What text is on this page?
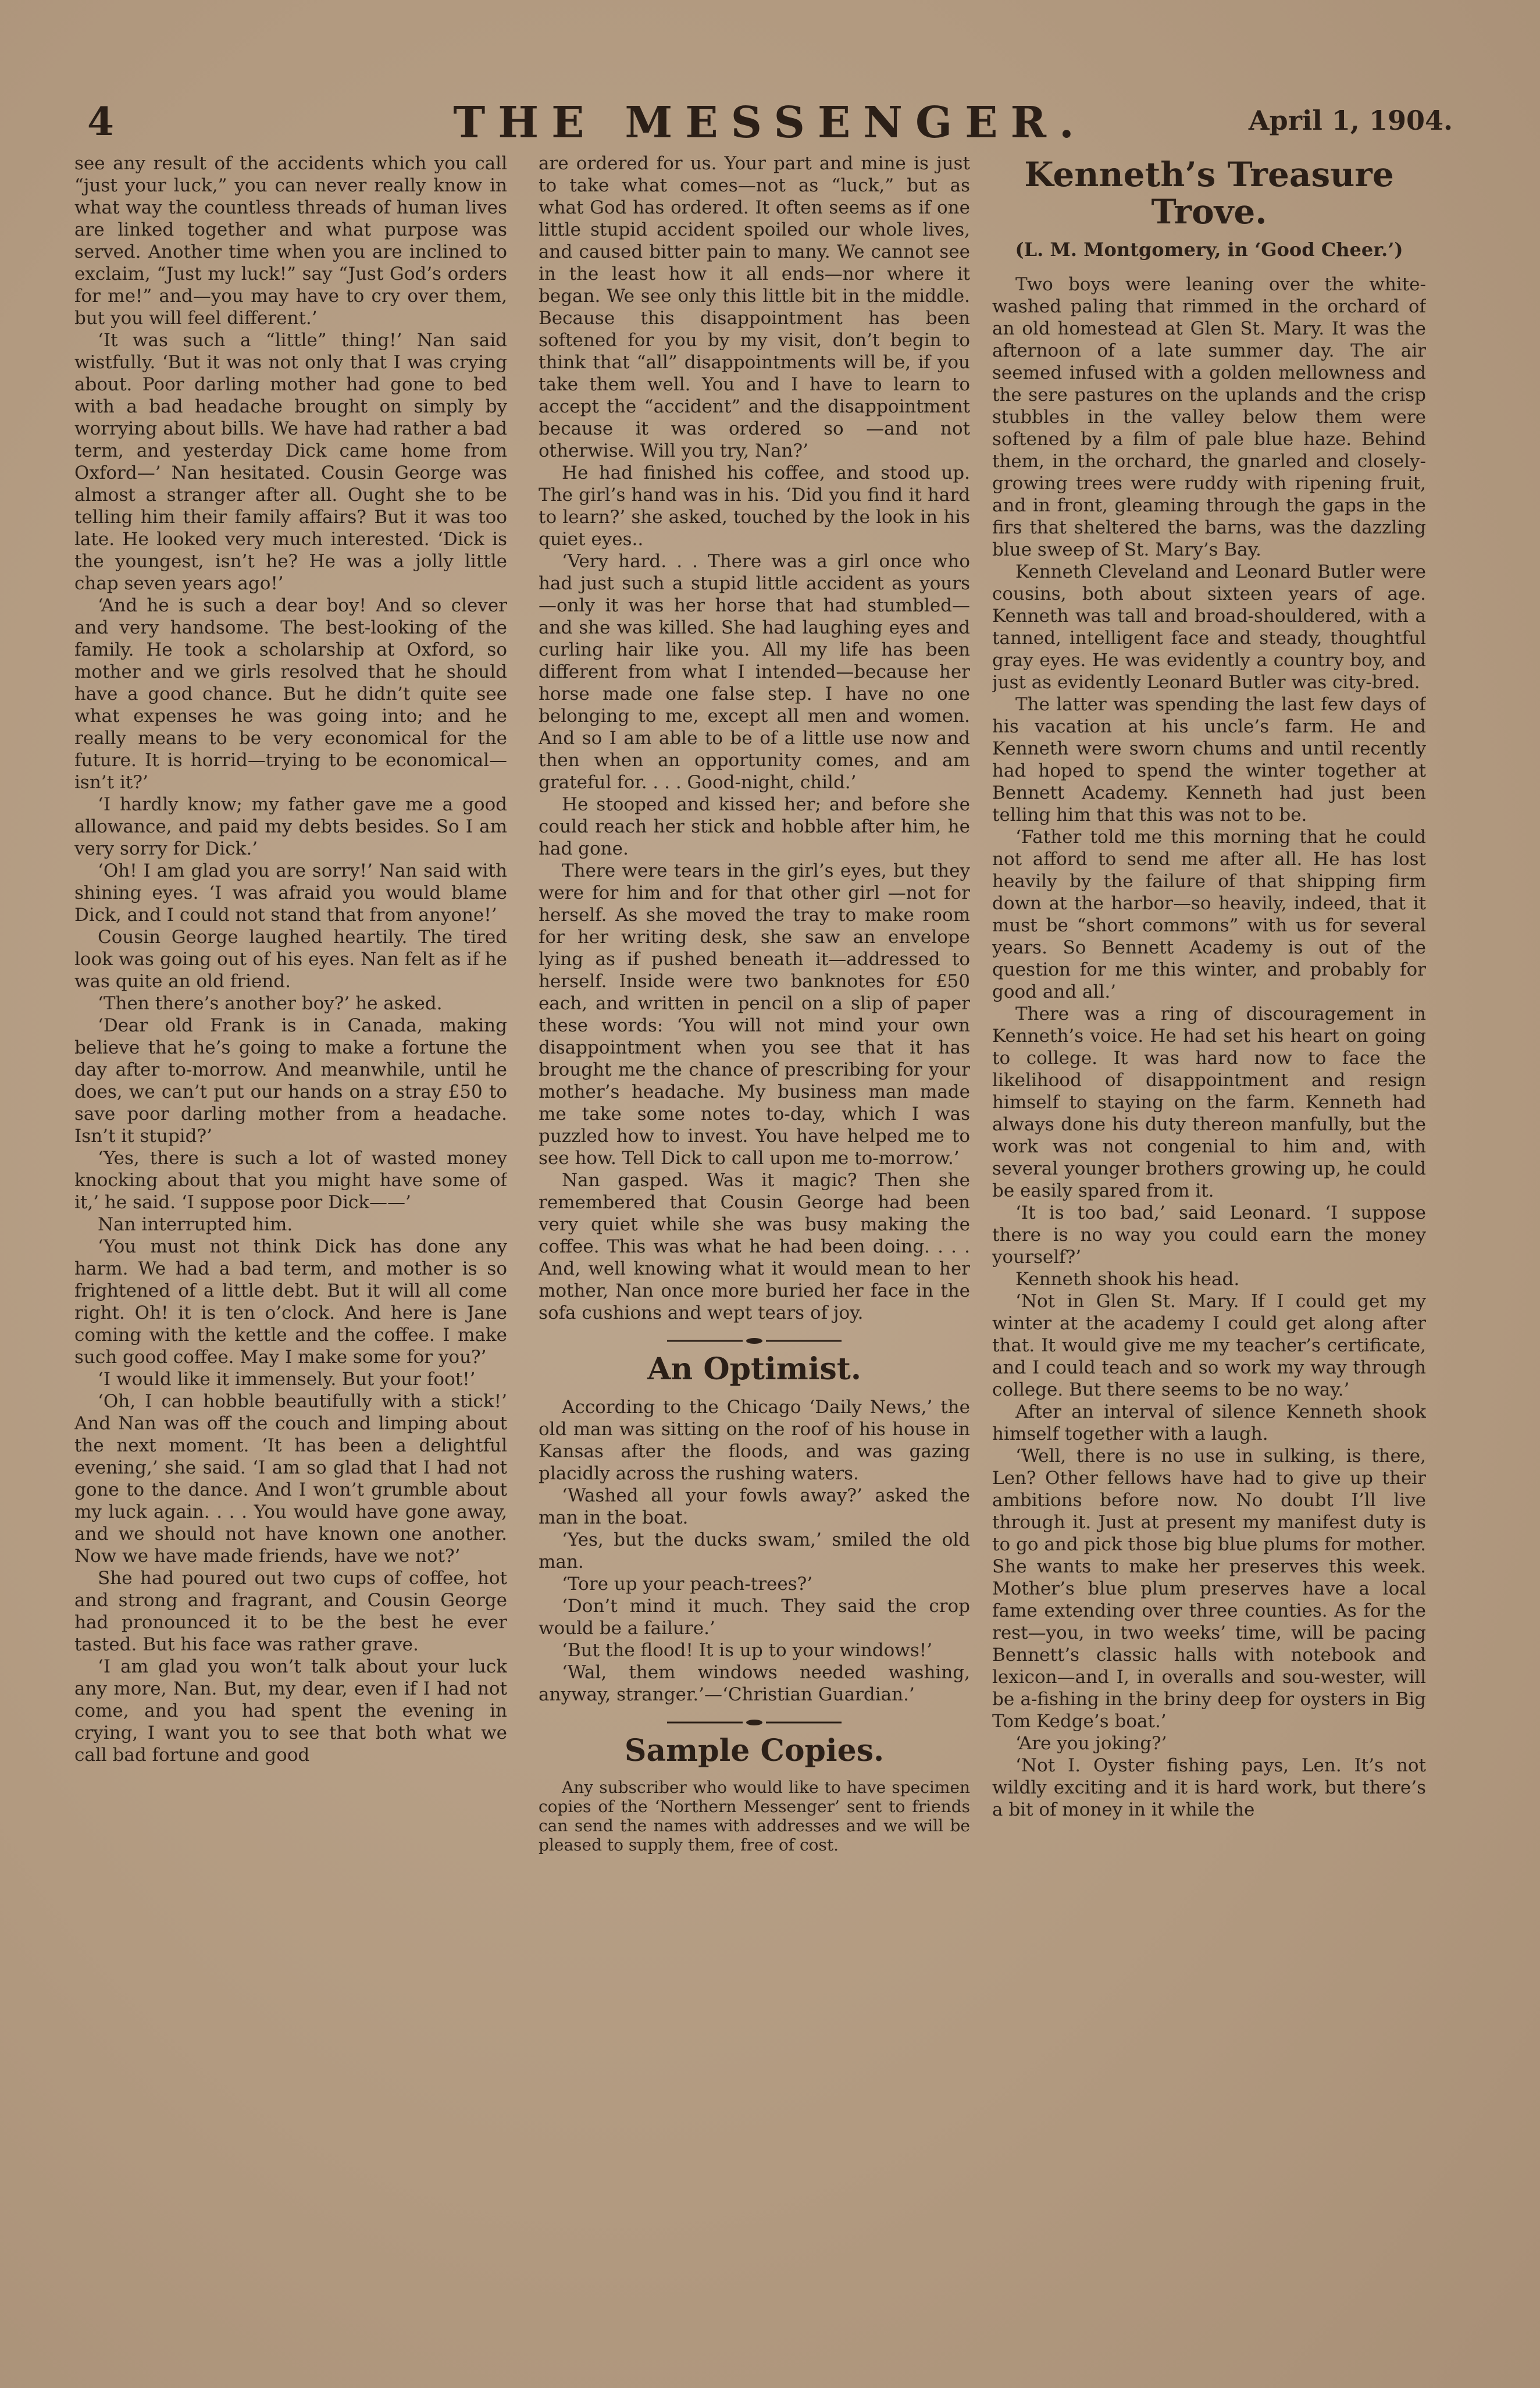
4	THE MESSENGER.	April 1, 1904.

see any result of the accidents which you call “just your luck,” you can never really know in what way the countless threads of human lives are linked together and what purpose was served. Another time when you are inclined to exclaim, “Just my luck!” say “Just God’s orders for me!” and—you may have to cry over them, but you will feel different.’

‘It was such a “little” thing!’ Nan said wistfully. ‘But it was not only that I was crying about. Poor darling mother had gone to bed with a bad headache brought on simply by worrying about bills. We have had rather a bad term, and yesterday Dick came home from Oxford—’ Nan hesitated. Cousin George was almost a stranger after all. Ought she to be telling him their family affairs? But it was too late. He looked very much interested. ‘Dick is the youngest, isn’t he? He was a jolly little chap seven years ago!’

‘And he is such a dear boy! And so clever and very handsome. The best-looking of the family. He took a scholarship at Oxford, so mother and we girls resolved that he should have a good chance. But he didn’t quite see what expenses he was going into; and he really means to be very economical for the future. It is horrid—trying to be economical—isn’t it?’

‘I hardly know; my father gave me a good allowance, and paid my debts besides. So I am very sorry for Dick.’

‘Oh! I am glad you are sorry!’ Nan said with shining eyes. ‘I was afraid you would blame Dick, and I could not stand that from anyone!’

Cousin George laughed heartily. The tired look was going out of his eyes. Nan felt as if he was quite an old friend.

‘Then there’s another boy?’ he asked.

‘Dear old Frank is in Canada, making believe that he’s going to make a fortune the day after to-morrow. And meanwhile, until he does, we can’t put our hands on a stray £50 to save poor darling mother from a headache. Isn’t it stupid?’

‘Yes, there is such a lot of wasted money knocking about that you might have some of it,’ he said. ‘I suppose poor Dick——’

Nan interrupted him.

‘You must not think Dick has done any harm. We had a bad term, and mother is so frightened of a little debt. But it will all come right. Oh! it is ten o’clock. And here is Jane coming with the kettle and the coffee. I make such good coffee. May I make some for you?’

‘I would like it immensely. But your foot!’

‘Oh, I can hobble beautifully with a stick!’ And Nan was off the couch and limping about the next moment. ‘It has been a delightful evening,’ she said. ‘I am so glad that I had not gone to the dance. And I won’t grumble about my luck again. . . . You would have gone away, and we should not have known one another. Now we have made friends, have we not?’

She had poured out two cups of coffee, hot and strong and fragrant, and Cousin George had pronounced it to be the best he ever tasted. But his face was rather grave.

‘I am glad you won’t talk about your luck any more, Nan. But, my dear, even if I had not come, and you had spent the evening in crying, I want you to see that both what we call bad fortune and good

are ordered for us. Your part and mine is just to take what comes—not as “luck,” but as what God has ordered. It often seems as if one little stupid accident spoiled our whole lives, and caused bitter pain to many. We cannot see in the least how it all ends—nor where it began. We see only this little bit in the middle. Because this disappointment has been softened for you by my visit, don’t begin to think that “all” disappointments will be, if you take them well. You and I have to learn to accept the “accident” and the disappointment because it was ordered so —and not otherwise. Will you try, Nan?’

He had finished his coffee, and stood up. The girl’s hand was in his. ‘Did you find it hard to learn?’ she asked, touched by the look in his quiet eyes..

‘Very hard. . . There was a girl once who had just such a stupid little accident as yours—only it was her horse that had stumbled—and she was killed. She had laughing eyes and curling hair like you. All my life has been different from what I intended—because her horse made one false step. I have no one belonging to me, except all men and women. And so I am able to be of a little use now and then when an opportunity comes, and am grateful for. . . . Good-night, child.’

He stooped and kissed her; and before she could reach her stick and hobble after him, he had gone.

There were tears in the girl’s eyes, but they were for him and for that other girl —not for herself. As she moved the tray to make room for her writing desk, she saw an envelope lying as if pushed beneath it—addressed to herself. Inside were two banknotes for £50 each, and written in pencil on a slip of paper these words: ‘You will not mind your own disappointment when you see that it has brought me the chance of prescribing for your mother’s headache. My business man made me take some notes to-day, which I was puzzled how to invest. You have helped me to see how. Tell Dick to call upon me to-morrow.’

Nan gasped. Was it magic? Then she remembered that Cousin George had been very quiet while she was busy making the coffee. This was what he had been doing. . . . And, well knowing what it would mean to her mother, Nan once more buried her face in the sofa cushions and wept tears of joy.

An Optimist.

According to the Chicago ‘Daily News,’ the old man was sitting on the roof of his house in Kansas after the floods, and was gazing placidly across the rushing waters.

‘Washed all your fowls away?’ asked the man in the boat.

‘Yes, but the ducks swam,’ smiled the old man.

‘Tore up your peach-trees?’

‘Don’t mind it much. They said the crop would be a failure.’

‘But the flood! It is up to your windows!’

‘Wal, them windows needed washing, anyway, stranger.’—‘Christian Guardian.’

Sample Copies.

Any subscriber who would like to have specimen copies of the ‘Northern Messenger’ sent to friends can send the names with addresses and we will be pleased to supply them, free of cost.

Kenneth’s Treasure Trove.
(L. M. Montgomery, in ‘Good Cheer.’)

Two boys were leaning over the white-washed paling that rimmed in the orchard of an old homestead at Glen St. Mary. It was the afternoon of a late summer day. The air seemed infused with a golden mellowness and the sere pastures on the uplands and the crisp stubbles in the valley below them were softened by a film of pale blue haze. Behind them, in the orchard, the gnarled and closely-growing trees were ruddy with ripening fruit, and in front, gleaming through the gaps in the firs that sheltered the barns, was the dazzling blue sweep of St. Mary’s Bay.

Kenneth Cleveland and Leonard Butler were cousins, both about sixteen years of age. Kenneth was tall and broad-shouldered, with a tanned, intelligent face and steady, thoughtful gray eyes. He was evidently a country boy, and just as evidently Leonard Butler was city-bred.

The latter was spending the last few days of his vacation at his uncle’s farm. He and Kenneth were sworn chums and until recently had hoped to spend the winter together at Bennett Academy. Kenneth had just been telling him that this was not to be.

‘Father told me this morning that he could not afford to send me after all. He has lost heavily by the failure of that shipping firm down at the harbor—so heavily, indeed, that it must be “short commons” with us for several years. So Bennett Academy is out of the question for me this winter, and probably for good and all.’

There was a ring of discouragement in Kenneth’s voice. He had set his heart on going to college. It was hard now to face the likelihood of disappointment and resign himself to staying on the farm. Kenneth had always done his duty thereon manfully, but the work was not congenial to him and, with several younger brothers growing up, he could be easily spared from it.

‘It is too bad,’ said Leonard. ‘I suppose there is no way you could earn the money yourself?’

Kenneth shook his head.

‘Not in Glen St. Mary. If I could get my winter at the academy I could get along after that. It would give me my teacher’s certificate, and I could teach and so work my way through college. But there seems to be no way.’

After an interval of silence Kenneth shook himself together with a laugh.

‘Well, there is no use in sulking, is there, Len? Other fellows have had to give up their ambitions before now. No doubt I’ll live through it. Just at present my manifest duty is to go and pick those big blue plums for mother. She wants to make her preserves this week. Mother’s blue plum preserves have a local fame extending over three counties. As for the rest—you, in two weeks’ time, will be pacing Bennett’s classic halls with notebook and lexicon—and I, in overalls and sou-wester, will be a-fishing in the briny deep for oysters in Big Tom Kedge’s boat.’

‘Are you joking?’

‘Not I. Oyster fishing pays, Len. It’s not wildly exciting and it is hard work, but there’s a bit of money in it while the
